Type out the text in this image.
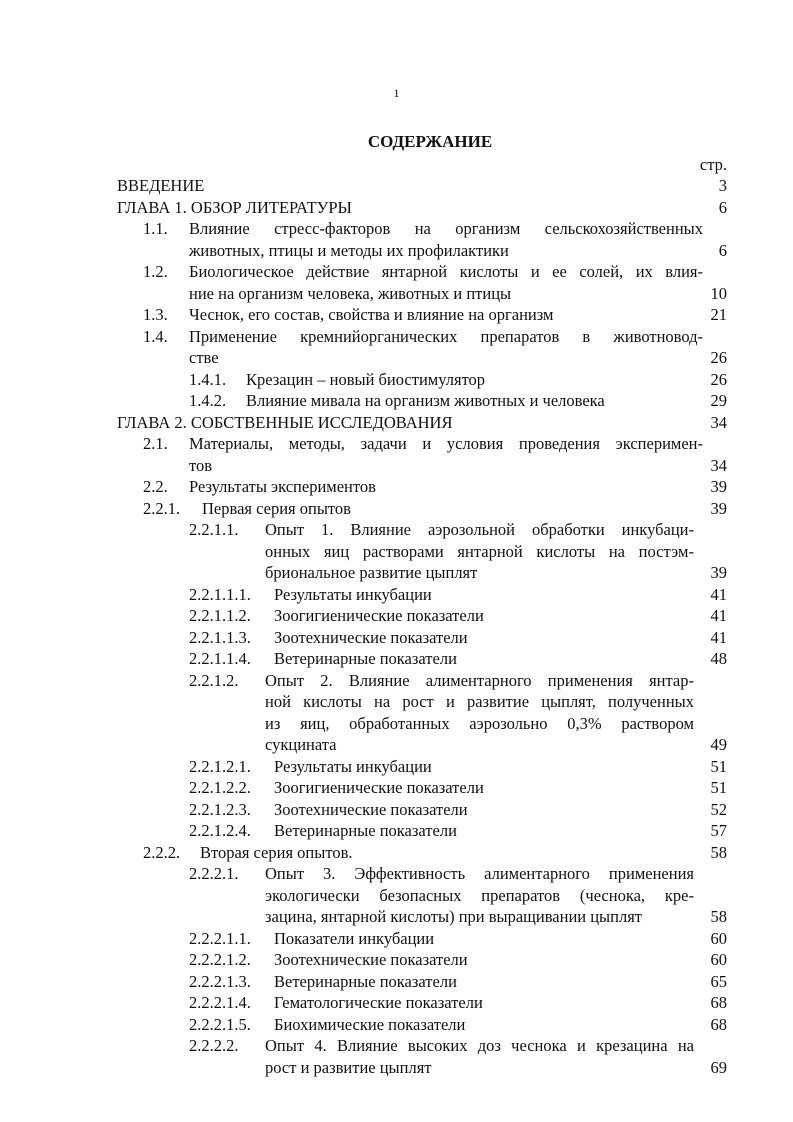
1
СОДЕРЖАНИЕ
стр.
ВВЕДЕНИЕ	3
ГЛАВА 1. ОБЗОР ЛИТЕРАТУРЫ	6
1.1. Влияние стресс-факторов на организм сельскохозяйственных
животных, птицы и методы их профилактики	6
1.2. Биологическое действие янтарной кислоты и ее солей, их влия-
ние на организм человека, животных и птицы	10
1.3. Чеснок, его состав, свойства и влияние на организм	21
1.4. Применение кремнийорганических препаратов в животновод-
стве	26
1.4.1. Крезацин – новый биостимулятор	26
1.4.2. Влияние мивала на организм животных и человека	29
ГЛАВА 2. СОБСТВЕННЫЕ ИССЛЕДОВАНИЯ	34
2.1. Материалы, методы, задачи и условия проведения эксперимен-
тов	34
2.2. Результаты экспериментов	39
2.2.1. Первая серия опытов	39
2.2.1.1. Опыт 1. Влияние аэрозольной обработки инкубаци-
онных яиц растворами янтарной кислоты на постэм-
брионaльное развитие цыплят	39
2.2.1.1.1. Результаты инкубации	41
2.2.1.1.2. Зоогигиенические показатели	41
2.2.1.1.3. Зоотехнические показатели	41
2.2.1.1.4. Ветеринарные показатели	48
2.2.1.2. Опыт 2. Влияние алиментарного применения янтар-
ной кислоты на рост и развитие цыплят, полученных
из яиц, обработанных аэрозольно 0,3% раствором
сукцината	49
2.2.1.2.1. Результаты инкубации	51
2.2.1.2.2. Зоогигиенические показатели	51
2.2.1.2.3. Зоотехнические показатели	52
2.2.1.2.4. Ветеринарные показатели	57
2.2.2. Вторая серия опытов.	58
2.2.2.1. Опыт 3. Эффективность алиментарного применения
экологически безопасных препаратов (чеснока, кре-
зацина, янтарной кислоты) при выращивании цыплят	58
2.2.2.1.1. Показатели инкубации	60
2.2.2.1.2. Зоотехнические показатели	60
2.2.2.1.3. Ветеринарные показатели	65
2.2.2.1.4. Гематологические показатели	68
2.2.2.1.5. Биохимические показатели	68
2.2.2.2. Опыт 4. Влияние высоких доз чеснока и крезацина на
рост и развитие цыплят	69
